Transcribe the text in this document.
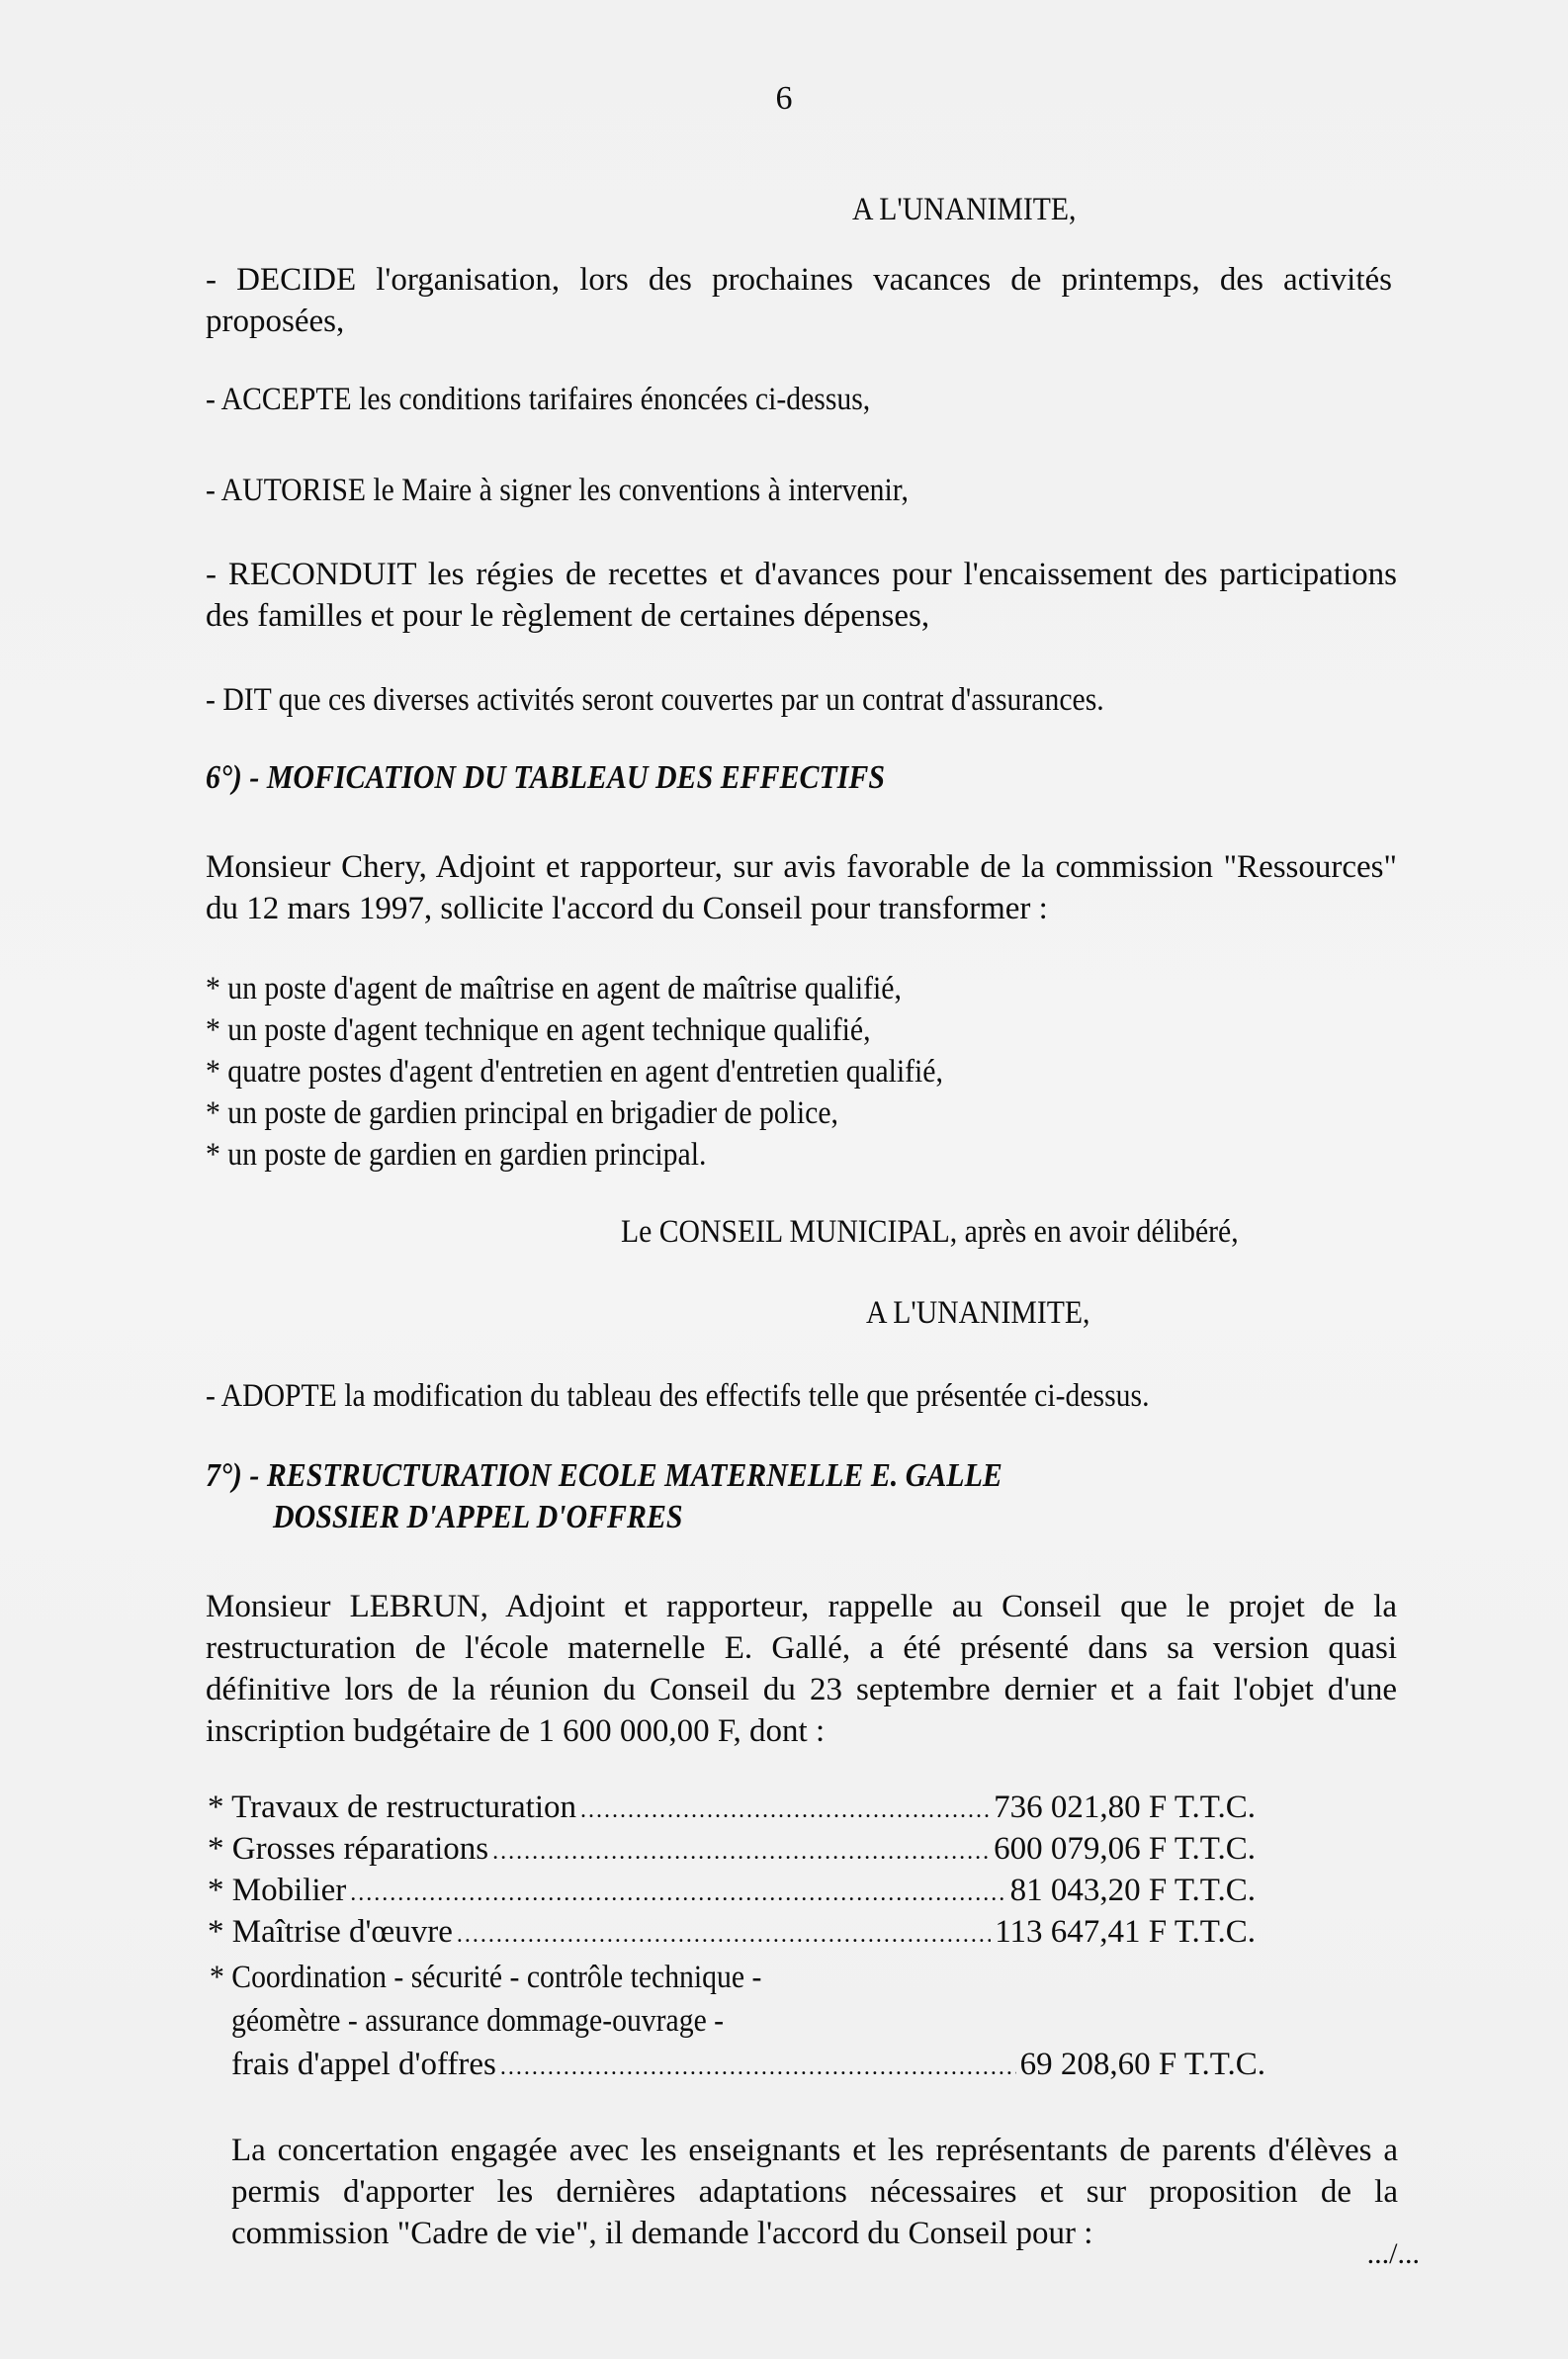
6
A L'UNANIMITE,
- DECIDE l'organisation, lors des prochaines vacances de printemps, des activités proposées,
- ACCEPTE les conditions tarifaires énoncées ci-dessus,
- AUTORISE le Maire à signer les conventions à intervenir,
- RECONDUIT les régies de recettes et d'avances pour l'encaissement des participations des familles et pour le règlement de certaines dépenses,
- DIT que ces diverses activités seront couvertes par un contrat d'assurances.
6°) - MOFICATION DU TABLEAU DES EFFECTIFS
Monsieur Chery, Adjoint et rapporteur, sur avis favorable de la commission "Ressources" du 12 mars 1997, sollicite l'accord du Conseil pour transformer :
* un poste d'agent de maîtrise en agent de maîtrise qualifié,
* un poste d'agent technique en agent technique qualifié,
* quatre postes d'agent d'entretien en agent d'entretien qualifié,
* un poste de gardien principal en brigadier de police,
* un poste de gardien en gardien principal.
Le CONSEIL MUNICIPAL, après en avoir délibéré,
A L'UNANIMITE,
- ADOPTE la modification du tableau des effectifs telle que présentée ci-dessus.
7°) - RESTRUCTURATION ECOLE MATERNELLE E. GALLE
DOSSIER D'APPEL D'OFFRES
Monsieur LEBRUN, Adjoint et rapporteur, rappelle au Conseil que le projet de la restructuration de l'école maternelle E. Gallé, a été présenté dans sa version quasi définitive lors de la réunion du Conseil du 23 septembre dernier et a fait l'objet d'une inscription budgétaire de 1 600 000,00 F, dont :
* Travaux de restructuration .....	736 021,80 F T.T.C.
* Grosses réparations .....	600 079,06 F T.T.C.
* Mobilier .....	81 043,20 F T.T.C.
* Maîtrise d'œuvre .....	113 647,41 F T.T.C.
* Coordination - sécurité - contrôle technique -
géomètre - assurance dommage-ouvrage -
frais d'appel d'offres .....	69 208,60 F T.T.C.
La concertation engagée avec les enseignants et les représentants de parents d'élèves a permis d'apporter les dernières adaptations nécessaires et sur proposition de la commission "Cadre de vie", il demande l'accord du Conseil pour :
.../...
